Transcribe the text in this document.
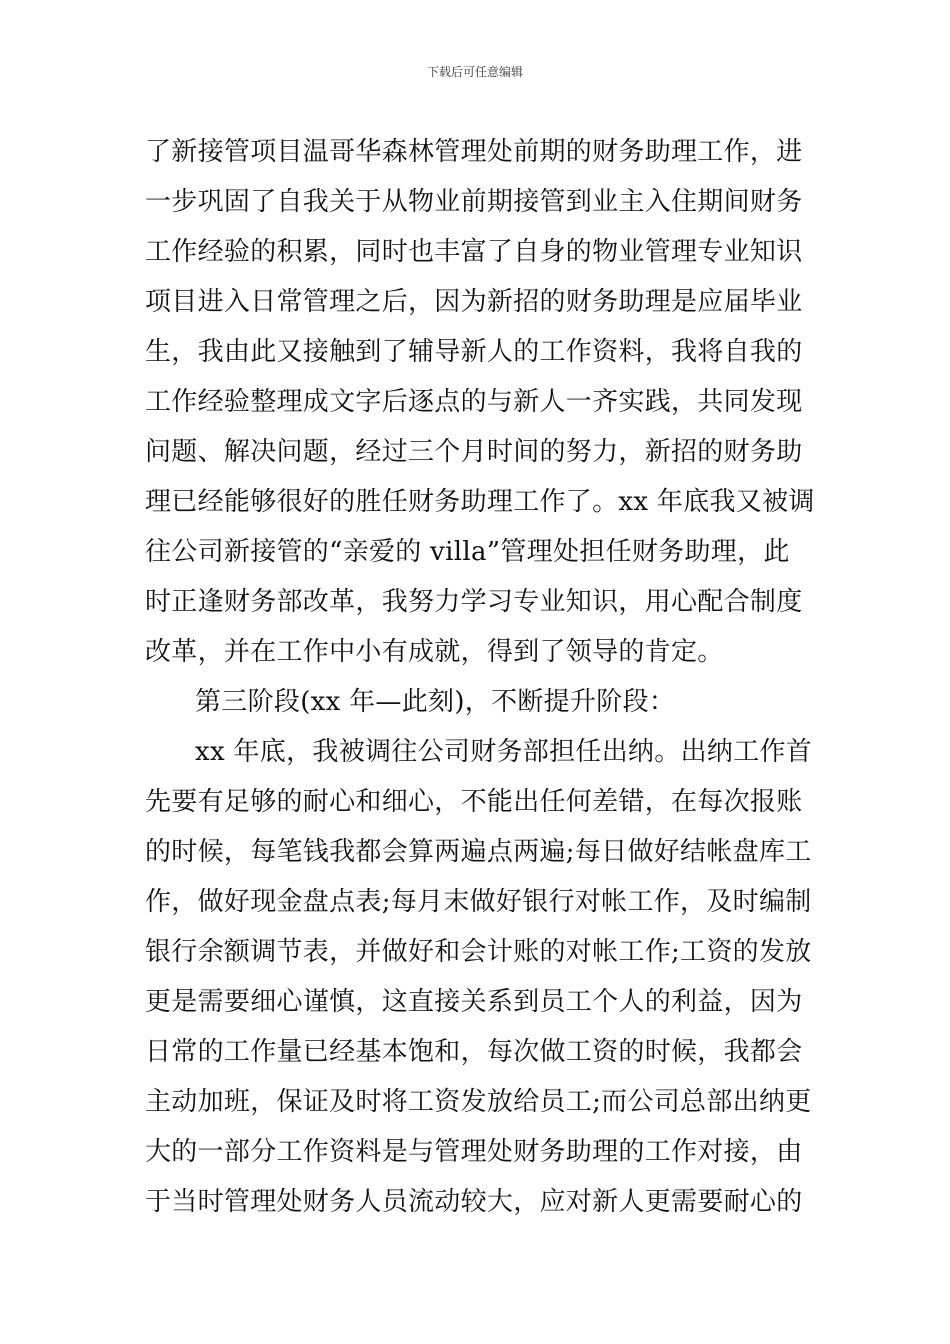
下载后可任意编辑
了新接管项目温哥华森林管理处前期的财务助理工作，进
一步巩固了自我关于从物业前期接管到业主入住期间财务
工作经验的积累，同时也丰富了自身的物业管理专业知识
项目进入日常管理之后，因为新招的财务助理是应届毕业
生，我由此又接触到了辅导新人的工作资料，我将自我的
工作经验整理成文字后逐点的与新人一齐实践，共同发现
问题、解决问题，经过三个月时间的努力，新招的财务助
理已经能够很好的胜任财务助理工作了。xx 年底我又被调
往公司新接管的“亲爱的 villa”管理处担任财务助理，此
时正逢财务部改革，我努力学习专业知识，用心配合制度
改革，并在工作中小有成就，得到了领导的肯定。
第三阶段(xx 年—此刻)，不断提升阶段：
xx 年底，我被调往公司财务部担任出纳。出纳工作首
先要有足够的耐心和细心，不能出任何差错，在每次报账
的时候，每笔钱我都会算两遍点两遍;每日做好结帐盘库工
作，做好现金盘点表;每月末做好银行对帐工作，及时编制
银行余额调节表，并做好和会计账的对帐工作;工资的发放
更是需要细心谨慎，这直接关系到员工个人的利益，因为
日常的工作量已经基本饱和，每次做工资的时候，我都会
主动加班，保证及时将工资发放给员工;而公司总部出纳更
大的一部分工作资料是与管理处财务助理的工作对接，由
于当时管理处财务人员流动较大，应对新人更需要耐心的
